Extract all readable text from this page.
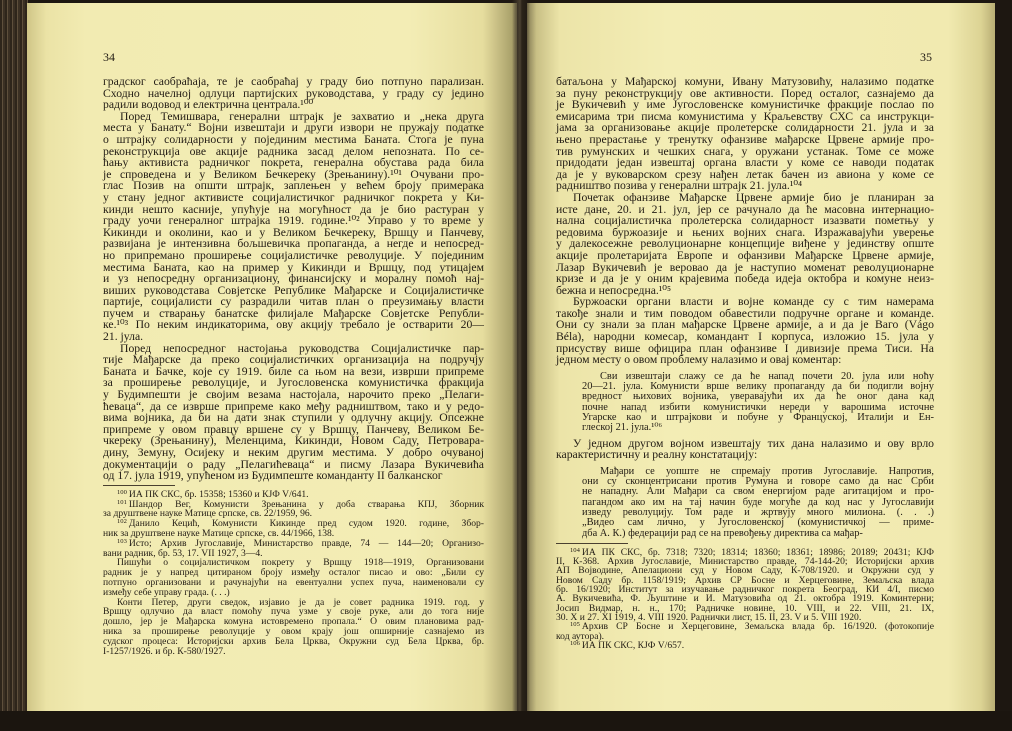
34	35
градског саобраћаја, те је саобраћај у граду био потпуно парализан.
Сходно начелној одлуци партијских руководстава, у граду су једино
радили водовод и електрична централа.¹⁰⁰
Поред Темишвара, генерални штрајк је захватио и „нека друга
места у Банату.“ Војни извештаји и други извори не пружају податке
о штрајку солидарности у појединим местима Баната. Стога је пуна
реконструкција ове акције радника засад делом непозната. По се-
ћању активиста радничког покрета, генерална обустава рада била
је спроведена и у Великом Бечкереку (Зрењанину).¹⁰¹ Очувани про-
глас Позив на општи штрајк, заплењен у већем броју примерака
у стану једног активисте социјалистичког радничког покрета у Ки-
кинди нешто касније, упућује на могућност да је био растуран у
граду уочи генералног штрајка 1919. године.¹⁰² Управо у то време у
Кикинди и околини, као и у Великом Бечкереку, Вршцу и Панчеву,
развијана је интензивна бољшевичка пропаганда, а негде и непосред-
но припремано проширење социјалистичке револуције. У појединим
местима Баната, као на пример у Кикинди и Вршцу, под утицајем
и уз непосредну организациону, финансијску и моралну помоћ нај-
виших руководстава Совјетске Републике Мађарске и Социјалистичке
партије, социјалисти су разрадили читав план о преузимању власти
пучем и стварању банатске филијале Мађарске Совјетске Републи-
ке.¹⁰³ По неким индикаторима, ову акцију требало је остварити 20—
21. јула.
Поред непосредног настојања руководства Социјалистичке пар-
тије Мађарске да преко социјалистичких организација на подручју
Баната и Бачке, које су 1919. биле са њом на вези, изврши припреме
за проширење револуције, и Југословенска комунистичка фракција
у Будимпешти је својим везама настојала, нарочито преко „Пелаги-
ћеваца“, да се изврше припреме како међу радништвом, тако и у редо-
вима војника, да би на дати знак ступили у одлучну акцију. Опсежне
припреме у овом правцу вршене су у Вршцу, Панчеву, Великом Бе-
чкереку (Зрењанину), Меленцима, Кикинди, Новом Саду, Петровара-
дину, Земуну, Осијеку и неким другим местима. У добро очуваној
документацији о раду „Пелагићеваца“ и писму Лазара Вукичевића
од 17. јула 1919, упућеном из Будимпеште команданту II балканског
$^{100}$ ИА ПК СКС, бр. 15358; 15360 и КЈФ V/641.
$^{101}$ Шандор Вег, Комунисти Зрењанина у доба стварања КПЈ, Зборник
за друштвене науке Матице српске, св. 22/1959, 96.
$^{102}$ Данило Кецић, Комунисти Кикинде пред судом 1920. године, Збор-
ник за друштвене науке Матице српске, св. 44/1966, 138.
$^{103}$ Исто; Архив Југославије, Министарство правде, 74 — 144—20; Организо-
вани радник, бр. 53, 17. VII 1927, 3—4.
Пишући о социјалистичком покрету у Вршцу 1918—1919, Организовани
радник је у напред цитираном броју између осталог писао и ово: „Били су
потпуно организовани и рачунајући на евентуални успех пуча, наименовали су
између себе управу града. (. . .)
Конти Петер, други сведок, изјавио је да је совет радника 1919. год. у
Вршцу одлучио да власт помоћу пуча узме у своје руке, али до тога није
дошло, јер је Мађарска комуна истовремено пропала.“ О овим плановима рад-
ника за проширење револуције у овом крају још опширније сазнајемо из
судског процеса: Историјски архив Бела Црква, Окружни суд Бела Црква, бр.
I-1257/1926. и бр. К-580/1927.
батаљона у Мађарској комуни, Ивану Матузовићу, налазимо податке
за пуну реконструкцију ове активности. Поред осталог, сазнајемо да
је Вукичевић у име Југословенске комунистичке фракције послао по
емисарима три писма комунистима у Краљевству СХС са инструкци-
јама за организовање акције пролетерске солидарности 21. јула и за
њено прерастање у тренутку офанзиве мађарске Црвене армије про-
тив румунских и чешких снага, у оружани устанак. Томе се може
придодати један извештај органа власти у коме се наводи податак
да је у вуковарском срезу нађен летак бачен из авиона у коме се
радништво позива у генерални штрајк 21. јула.¹⁰⁴
Почетак офанзиве Мађарске Црвене армије био је планиран за
исте дане, 20. и 21. јул, јер се рачунало да ће масовна интернацио-
нална социјалистичка пролетерска солидарност изазвати пометњу у
редовима буржоазије и њених војних снага. Изражавајући уверење
у далекосежне револуционарне концепције виђене у јединству опште
акције пролетаријата Европе и офанзиви Мађарске Црвене армије,
Лазар Вукичевић је веровао да је наступио моменат револуционарне
кризе и да је у оним крајевима победа идеја октобра и комуне неиз-
бежна и непосредна.¹⁰⁵
Буржоаски органи власти и војне команде су с тим намерама
такође знали и тим поводом обавестили подручне органе и команде.
Они су знали за план мађарске Црвене армије, а и да је Ваго (Vágo
Béla), народни комесар, командант I корпуса, изложио 15. јула у
присуству више официра план офанзиве I дивизије према Тиси. На
једном месту о овом проблему налазимо и овај коментар:
Сви извештаји слажу се да ће напад почети 20. јула или ноћу
20—21. јула. Комунисти врше велику пропаганду да би подигли војну
вредност њихових војника, уверавајући их да ће оног дана кад
почне напад избити комунистички нереди у варошима источне
Угарске као и штрајкови и побуне у Француској, Италији и Ен-
глеској 21. јула.¹⁰⁶
У једном другом војном извештају тих дана налазимо и ову врло
карактеристичну и реалну констатацију:
Мађари се уопште не спремају против Југославије. Напротив,
они су сконцентрисани против Румуна и говоре само да нас Срби
не нападну. Али Мађари са свом енергијом раде агитацијом и про-
пагандом ако им на тај начин буде могуће да код нас у Југославији
изведу револуцију. Том раде и жртвују много милиона. (. . .)
„Видео сам лично, у Југословенској (комунистичкој — приме-
дба А. К.) федерацији рад се на превођењу директива са мађар-
$^{104}$ ИА ПК СКС, бр. 7318; 7320; 18314; 18360; 18361; 18986; 20189; 20431; КЈФ
II, К-368. Архив Југославије, Министарство правде, 74-144-20; Историјски архив
АП Војводине, Апелациони суд у Новом Саду, К-708/1920. и Окружни суд у
Новом Саду бр. 1158/1919; Архив СР Босне и Херцеговине, Земаљска влада
бр. 16/1920; Институт за изучавање радничког покрета Београд, КИ 4/I, писмо
А. Вукичевића, Ф. Љуштине и И. Матузовића од 21. октобра 1919. Коминтерни;
Јосип Видмар, н. н., 170; Радничке новине, 10. VIII, и 22. VIII, 21. IX,
30. X и 27. XI 1919, 4. VIII 1920. Раднички лист, 15. II, 23. V и 5. VIII 1920.
$^{105}$ Архив СР Босне и Херцеговине, Земаљска влада бр. 16/1920. (фотокопије
код аутора).
$^{106}$ ИА ПК СКС, КЈФ V/657.
